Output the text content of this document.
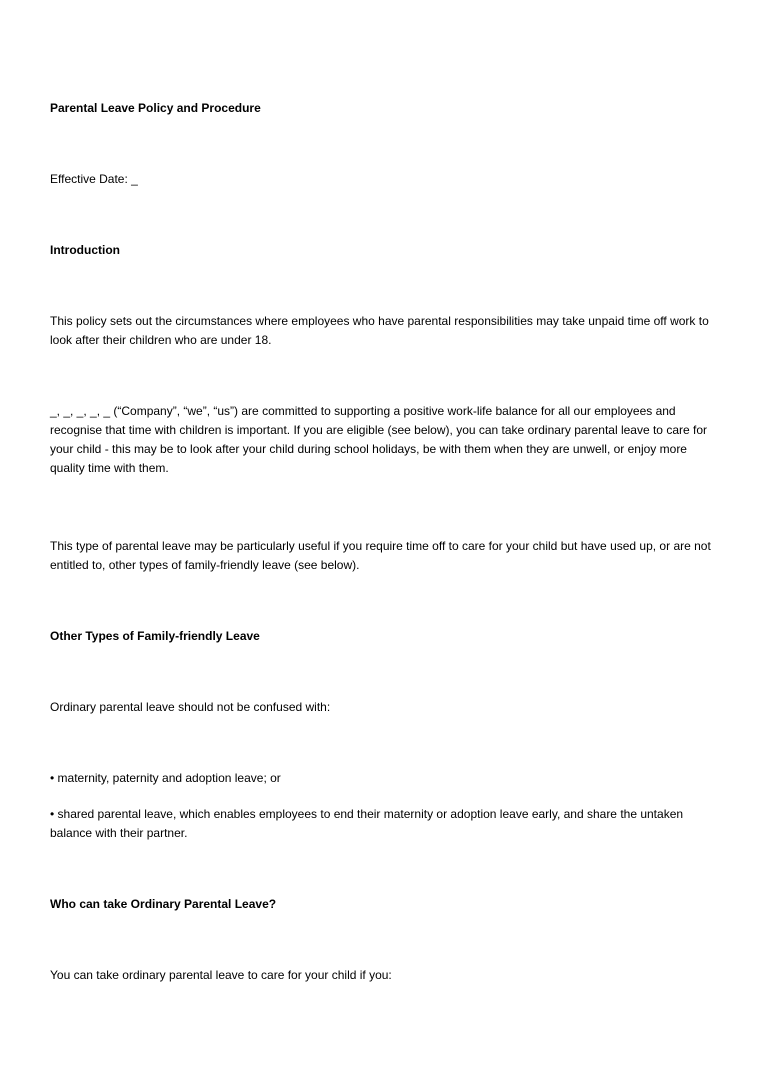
Parental Leave Policy and Procedure

Effective Date: _

Introduction

This policy sets out the circumstances where employees who have parental responsibilities may take unpaid time off work to look after their children who are under 18.

_, _, _, _, _ (“Company”, “we”, “us”) are committed to supporting a positive work-life balance for all our employees and recognise that time with children is important. If you are eligible (see below), you can take ordinary parental leave to care for your child - this may be to look after your child during school holidays, be with them when they are unwell, or enjoy more quality time with them.

This type of parental leave may be particularly useful if you require time off to care for your child but have used up, or are not entitled to, other types of family-friendly leave (see below).

Other Types of Family-friendly Leave

Ordinary parental leave should not be confused with:

• maternity, paternity and adoption leave; or

• shared parental leave, which enables employees to end their maternity or adoption leave early, and share the untaken balance with their partner.

Who can take Ordinary Parental Leave?

You can take ordinary parental leave to care for your child if you:
